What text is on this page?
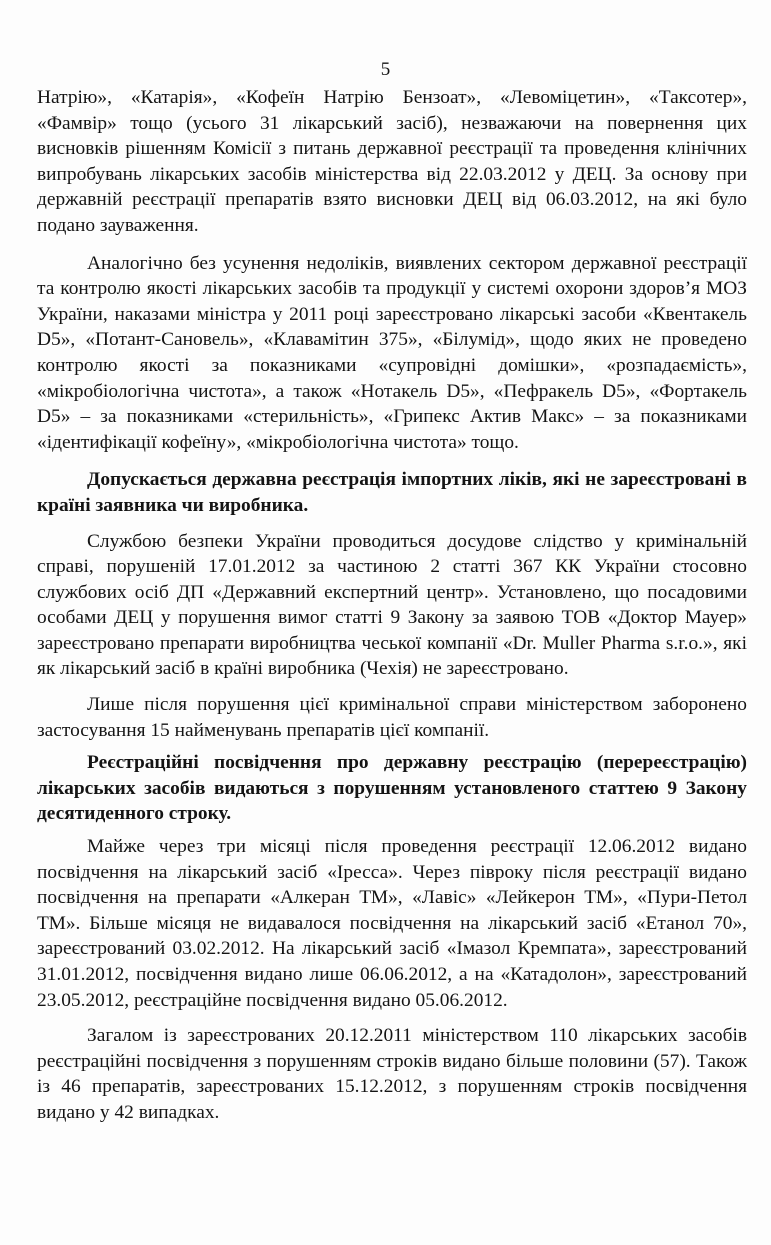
5

Натрію», «Катарія», «Кофеїн Натрію Бензоат», «Левоміцетин», «Таксотер», «Фамвір» тощо (усього 31 лікарський засіб), незважаючи на повернення цих висновків рішенням Комісії з питань державної реєстрації та проведення клінічних випробувань лікарських засобів міністерства від 22.03.2012 у ДЕЦ. За основу при державній реєстрації препаратів взято висновки ДЕЦ від 06.03.2012, на які було подано зауваження.

Аналогічно без усунення недоліків, виявлених сектором державної реєстрації та контролю якості лікарських засобів та продукції у системі охорони здоров’я МОЗ України, наказами міністра у 2011 році зареєстровано лікарські засоби «Квентакель D5», «Потант-Сановель», «Клавамітин 375», «Білумід», щодо яких не проведено контролю якості за показниками «супровідні домішки», «розпадаємість», «мікробіологічна чистота», а також «Нотакель D5», «Пефракель D5», «Фортакель D5» – за показниками «стерильність», «Грипекс Актив Макс» – за показниками «ідентифікації кофеїну», «мікробіологічна чистота» тощо.

Допускається державна реєстрація імпортних ліків, які не зареєстровані в країні заявника чи виробника.

Службою безпеки України проводиться досудове слідство у кримінальній справі, порушеній 17.01.2012 за частиною 2 статті 367 КК України стосовно службових осіб ДП «Державний експертний центр». Установлено, що посадовими особами ДЕЦ у порушення вимог статті 9 Закону за заявою ТОВ «Доктор Мауер» зареєстровано препарати виробництва чеської компанії «Dr. Muller Pharma s.r.o.», які як лікарський засіб в країні виробника (Чехія) не зареєстровано.

Лише після порушення цієї кримінальної справи міністерством заборонено застосування 15 найменувань препаратів цієї компанії.

Реєстраційні посвідчення про державну реєстрацію (перереєстрацію) лікарських засобів видаються з порушенням установленого статтею 9 Закону десятиденного строку.

Майже через три місяці після проведення реєстрації 12.06.2012 видано посвідчення на лікарський засіб «Іресса». Через півроку після реєстрації видано посвідчення на препарати «Алкеран ТМ», «Лавіс» «Лейкерон ТМ», «Пури-Петол ТМ». Більше місяця не видавалося посвідчення на лікарський засіб «Етанол 70», зареєстрований 03.02.2012. На лікарський засіб «Імазол Кремпата», зареєстрований 31.01.2012, посвідчення видано лише 06.06.2012, а на «Катадолон», зареєстрований 23.05.2012, реєстраційне посвідчення видано 05.06.2012.

Загалом із зареєстрованих 20.12.2011 міністерством 110 лікарських засобів реєстраційні посвідчення з порушенням строків видано більше половини (57). Також із 46 препаратів, зареєстрованих 15.12.2012, з порушенням строків посвідчення видано у 42 випадках.
